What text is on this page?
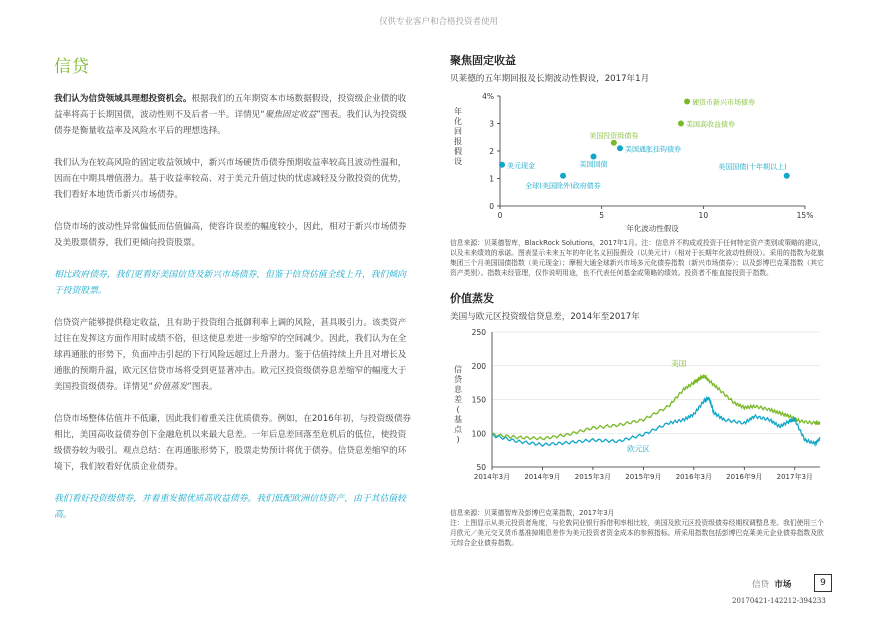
仅供专业客户和合格投资者使用
信贷

我们认为信贷领域具理想投资机会。根据我们的五年期资本市场数据假设，投资级企业债的收益率将高于长期国债，波动性则不及后者一半。详情见“聚焦固定收益”图表。我们认为投资级债券是衡量收益率及风险水平后的理想选择。

我们认为在较高风险的固定收益领域中，新兴市场硬货币债券预期收益率较高且波动性温和，因而在中期具增值潜力。基于收益率较高、对于美元升值过快的忧虑减轻及分散投资的优势，我们看好本地货币新兴市场债券。

信贷市场的波动性异常偏低而估值偏高，使容许误差的幅度较小，因此，相对于新兴市场债券及美股票债券，我们更倾向投资股票。

相比政府债券，我们更看好美国信贷及新兴市场债券，但鉴于信贷估值全线上升，我们倾向于投资股票。

信贷资产能够提供稳定收益，且有助于投资组合抵御利率上调的风险，甚具吸引力。该类资产过往在发挥这方面作用时成绩不俗，但这使息差进一步缩窄的空间减少。因此，我们认为在全球再通胀的形势下，负面冲击引起的下行风险远超过上升潜力。鉴于估值持续上升且对增长及通胀的预期升温，欧元区信贷市场将受到更显著冲击。欧元区投资级债券息差缩窄的幅度大于美国投资级债券。详情见“价值蒸发”图表。

信贷市场整体估值并不低廉，因此我们着重关注优质债券。例如，在2016年初，与投资级债券相比，美国高收益债券创下金融危机以来最大息差。一年后息差回落至危机后的低位，使投资级债券较为吸引。观点总结：在再通胀形势下，股票走势预计将优于债券。信贷息差缩窄的环境下，我们较看好优质企业债券。

我们看好投资级债券，并着重发掘优质高收益债券。我们低配欧洲信贷资产，由于其估值较高。

聚焦固定收益
贝莱德的五年期回报及长期波动性假设，2017年1月
0
1
2
3
4%
0	5	10	15%
年化波动性假设
年
化
回
报
假
设	美元现金
全球(美国除外)政府债券
美国国债
美国通胀挂钩债券
美国投资级债券
美国高收益债券
硬货币新兴市场债券
美国国债(十年期以上)
信息来源：贝莱德智库，BlackRock Solutions，2017年1月。注：信息并不构成或投资于任何特定资产类别或策略的建议，以及未来绩效的承诺。图表显示未来五年的年化名义回报假设（以美元计）（相对于长期年化波动性假设）。采用的指数为花旗集团三个月美国国债指数（美元现金）；摩根大通全球新兴市场多元化债券指数（新兴市场债券）；以及彭博巴克莱指数（其它资产类别）。指数未经管理，仅作说明用途，也不代表任何基金或策略的绩效。投资者不能直接投资于指数。
价值蒸发
美国与欧元区投资级信贷息差，2014年至2017年
50
100
150
200
250
2014年3月 2014年9月 2015年3月 2015年9月 2016年3月 2016年9月 2017年3月
信
贷
息
差
(
基
点
)
美国
欧元区
信息来源：贝莱德智库及彭博巴克莱指数，2017年3月
注：上图显示从美元投资者角度，与伦敦同业银行拆借利率相比较，美国及欧元区投资级债券经期权调整息差。我们使用三个月欧元／美元交叉货币基准掉期息差作为美元投资者资金成本的参照指标。所采用指数包括彭博巴克莱美元企业债券指数及欧元综合企业债券指数。
信贷 市场	9
20170421-142212-394233
